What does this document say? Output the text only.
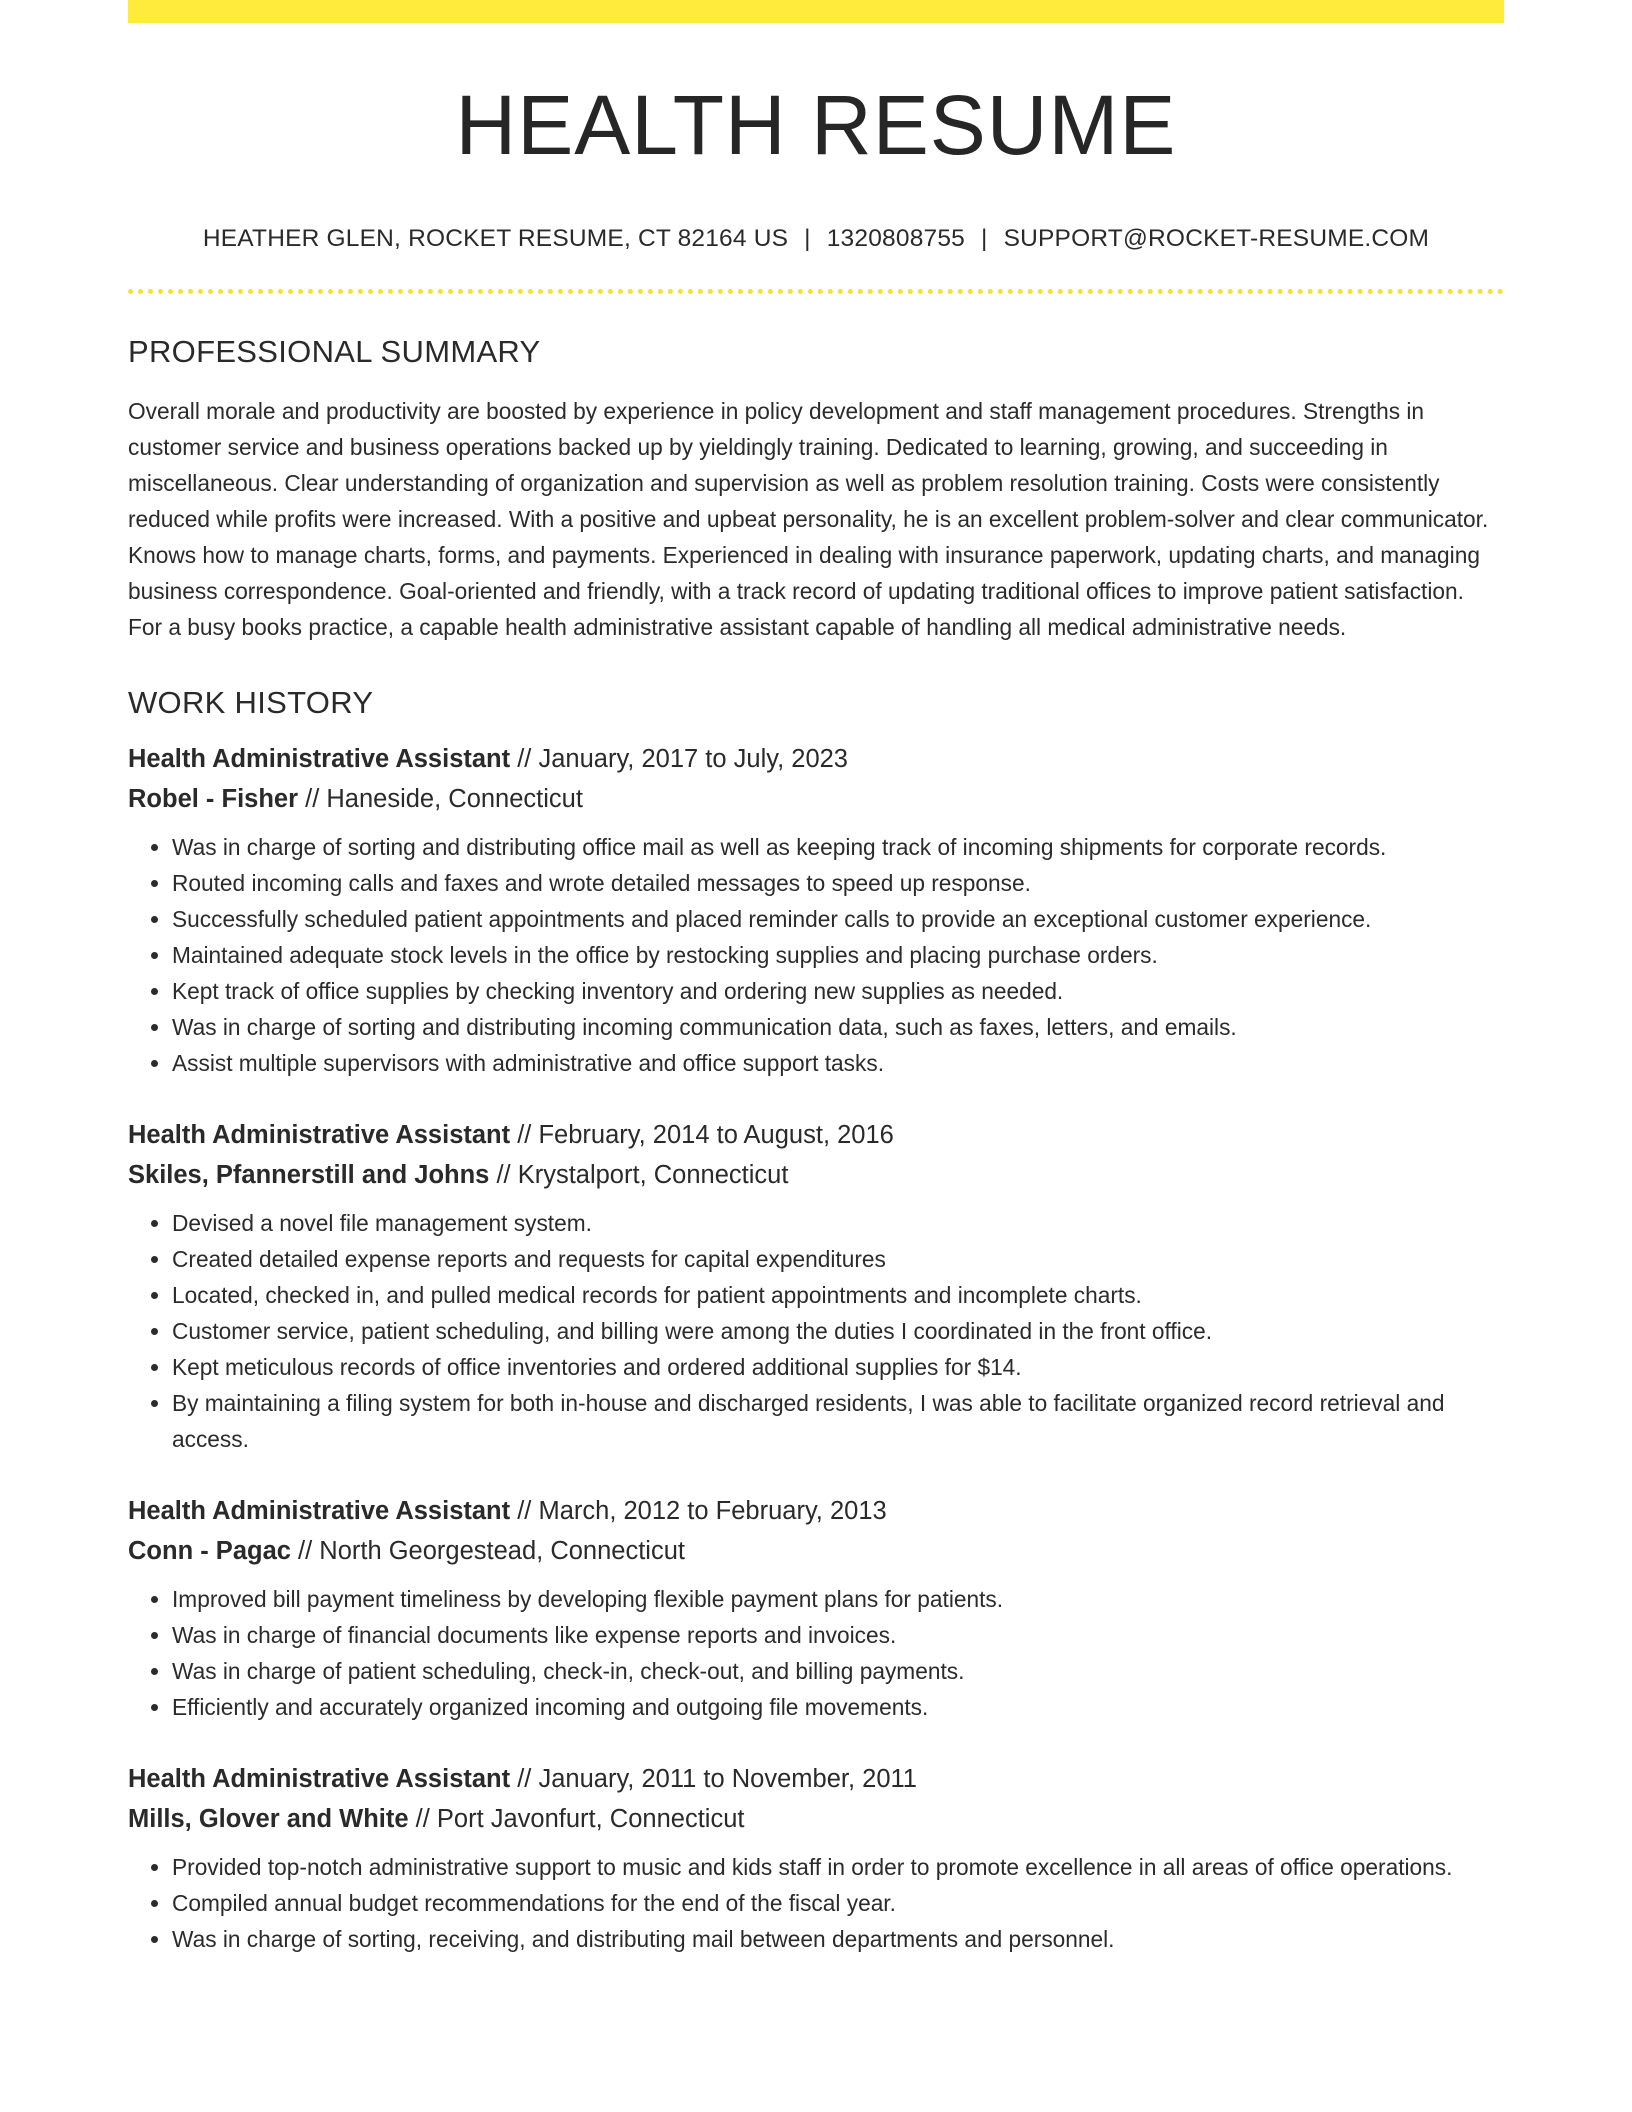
HEALTH RESUME
HEATHER GLEN, ROCKET RESUME, CT 82164 US | 1320808755 | SUPPORT@ROCKET-RESUME.COM
PROFESSIONAL SUMMARY

Overall morale and productivity are boosted by experience in policy development and staff management procedures. Strengths in customer service and business operations backed up by yieldingly training. Dedicated to learning, growing, and succeeding in miscellaneous. Clear understanding of organization and supervision as well as problem resolution training. Costs were consistently reduced while profits were increased. With a positive and upbeat personality, he is an excellent problem-solver and clear communicator. Knows how to manage charts, forms, and payments. Experienced in dealing with insurance paperwork, updating charts, and managing business correspondence. Goal-oriented and friendly, with a track record of updating traditional offices to improve patient satisfaction. For a busy books practice, a capable health administrative assistant capable of handling all medical administrative needs.

WORK HISTORY
Health Administrative Assistant // January, 2017 to July, 2023
Robel - Fisher // Haneside, Connecticut
• Was in charge of sorting and distributing office mail as well as keeping track of incoming shipments for corporate records.
• Routed incoming calls and faxes and wrote detailed messages to speed up response.
• Successfully scheduled patient appointments and placed reminder calls to provide an exceptional customer experience.
• Maintained adequate stock levels in the office by restocking supplies and placing purchase orders.
• Kept track of office supplies by checking inventory and ordering new supplies as needed.
• Was in charge of sorting and distributing incoming communication data, such as faxes, letters, and emails.
• Assist multiple supervisors with administrative and office support tasks.
Health Administrative Assistant // February, 2014 to August, 2016
Skiles, Pfannerstill and Johns // Krystalport, Connecticut
• Devised a novel file management system.
• Created detailed expense reports and requests for capital expenditures
• Located, checked in, and pulled medical records for patient appointments and incomplete charts.
• Customer service, patient scheduling, and billing were among the duties I coordinated in the front office.
• Kept meticulous records of office inventories and ordered additional supplies for $14.
• By maintaining a filing system for both in-house and discharged residents, I was able to facilitate organized record retrieval and access.
Health Administrative Assistant // March, 2012 to February, 2013
Conn - Pagac // North Georgestead, Connecticut
• Improved bill payment timeliness by developing flexible payment plans for patients.
• Was in charge of financial documents like expense reports and invoices.
• Was in charge of patient scheduling, check-in, check-out, and billing payments.
• Efficiently and accurately organized incoming and outgoing file movements.
Health Administrative Assistant // January, 2011 to November, 2011
Mills, Glover and White // Port Javonfurt, Connecticut
• Provided top-notch administrative support to music and kids staff in order to promote excellence in all areas of office operations.
• Compiled annual budget recommendations for the end of the fiscal year.
• Was in charge of sorting, receiving, and distributing mail between departments and personnel.
